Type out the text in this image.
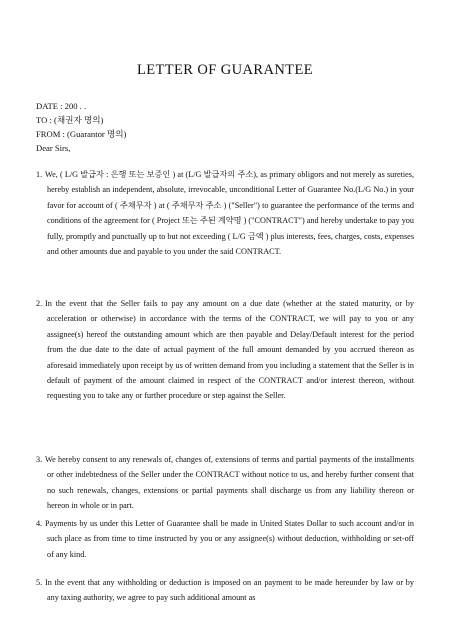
LETTER OF GUARANTEE
DATE : 200 . .
TO : (채권자 명의)
FROM : (Guarantor 명의)
Dear Sirs,
1. We, ( L/G 발급자 : 은행 또는 보증인 ) at (L/G 발급자의 주소), as primary obligors and not merely as sureties, hereby establish an independent, absolute, irrevocable, unconditional Letter of Guarantee No.(L/G No.) in your favor for account of ( 주채무자 ) at ( 주채무자 주소 ) ("Seller") to guarantee the performance of the terms and conditions of the agreement for ( Project 또는 주된 계약명 ) ("CONTRACT") and hereby undertake to pay you fully, promptly and punctually up to but not exceeding ( L/G 금액 ) plus interests, fees, charges, costs, expenses and other amounts due and payable to you under the said CONTRACT.
2. In the event that the Seller fails to pay any amount on a due date (whether at the stated maturity, or by acceleration or otherwise) in accordance with the terms of the CONTRACT, we will pay to you or any assignee(s) hereof the outstanding amount which are then payable and Delay/Default interest for the period from the due date to the date of actual payment of the full amount demanded by you accrued thereon as aforesaid immediately upon receipt by us of written demand from you including a statement that the Seller is in default of payment of the amount claimed in respect of the CONTRACT and/or interest thereon, without requesting you to take any or further procedure or step against the Seller.
3. We hereby consent to any renewals of, changes of, extensions of terms and partial payments of the installments or other indebtedness of the Seller under the CONTRACT without notice to us, and hereby further consent that no such renewals, changes, extensions or partial payments shall discharge us from any liability thereon or hereon in whole or in part.
4. Payments by us under this Letter of Guarantee shall be made in United States Dollar to such account and/or in such place as from time to time instructed by you or any assignee(s) without deduction, withholding or set-off of any kind.
5. In the event that any withholding or deduction is imposed on an payment to be made hereunder by law or by any taxing authority, we agree to pay such additional amount as
